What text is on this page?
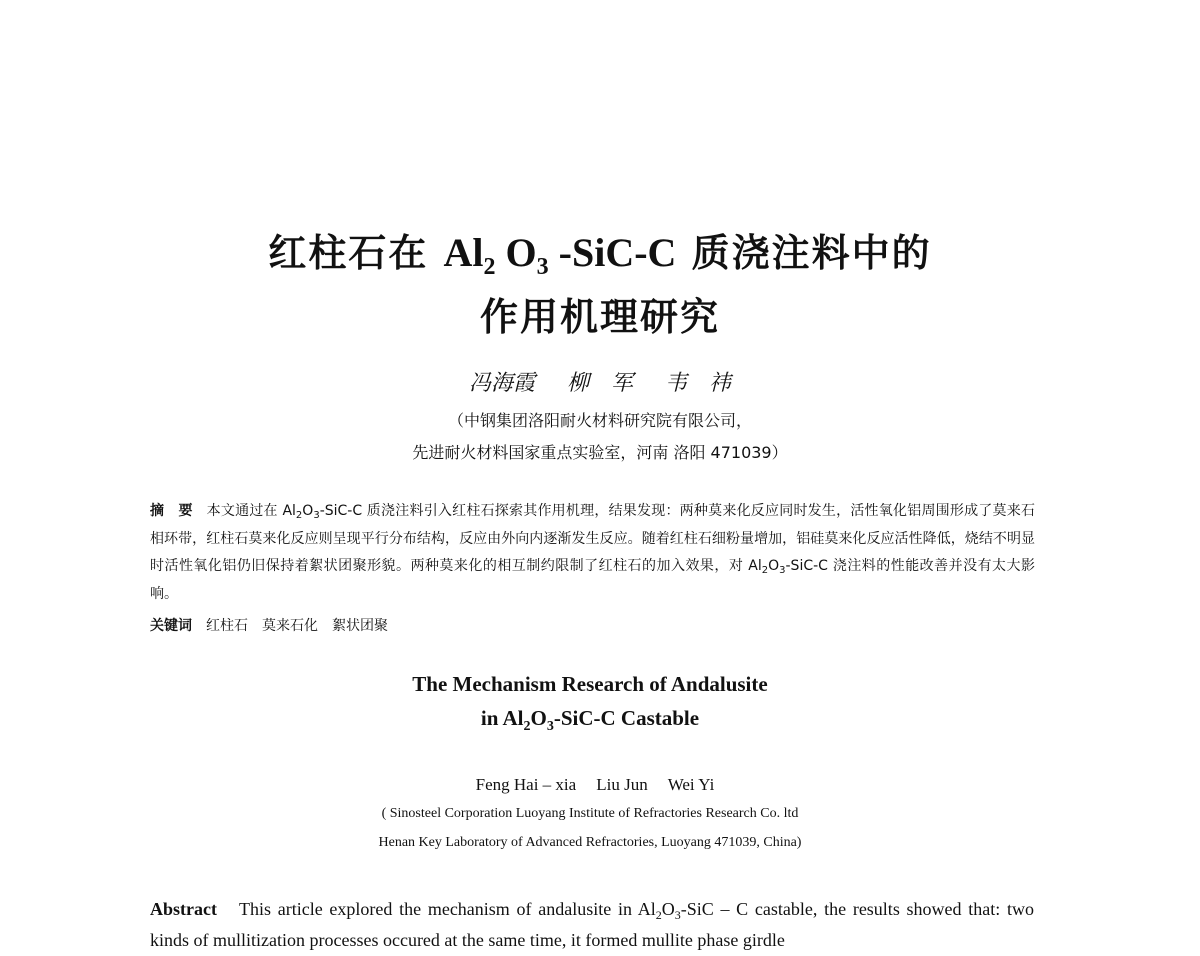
红柱石在 $Al_2$ $O_3$ -SiC-C 质浇注料中的
作用机理研究
冯海霞 柳　军 韦　祎
（中钢集团洛阳耐火材料研究院有限公司，
先进耐火材料国家重点实验室，河南 洛阳 471039）
摘　要 本文通过在 $Al_2O_3-SiC-C$ 质浇注料引入红柱石探索其作用机理，结果发现：两种莫来化反应同时发生，活性氧化铝周围形成了莫来石相环带，红柱石莫来化反应则呈现平行分布结构，反应由外向内逐渐发生反应。随着红柱石细粉量增加，铝硅莫来化反应活性降低，烧结不明显时活性氧化铝仍旧保持着絮状团聚形貌。两种莫来化的相互制约限制了红柱石的加入效果，对 $Al_2O_3-SiC-C$ 浇注料的性能改善并没有太大影响。
关键词 红柱石 莫来石化 絮状团聚
The Mechanism Research of Andalusite
in $Al_2O_3-SiC-C$ Castable
Feng Hai – xia Liu Jun Wei Yi
( Sinosteel Corporation Luoyang Institute of Refractories Research Co. ltd
Henan Key Laboratory of Advanced Refractories, Luoyang 471039, China)
Abstract This article explored the mechanism of andalusite in $Al_2O_3$-SiC – C castable, the results showed that: two kinds of mullitization processes occured at the same time, it formed mullite phase girdle
